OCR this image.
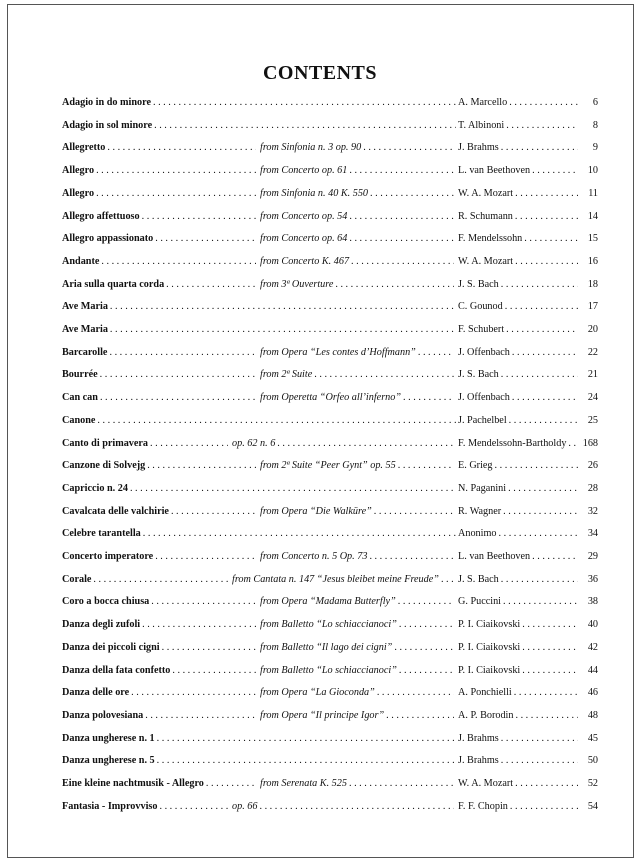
CONTENTS
Adagio in do minore . . .	A. Marcello . . .	6
Adagio in sol minore . . .	T. Albinoni . . .	8
Allegretto . . .	from Sinfonia n. 3 op. 90 . . .	J. Brahms . . .	9
Allegro . . .	from Concerto op. 61 . . .	L. van Beethoven . . .	10
Allegro . . .	from Sinfonia n. 40 K. 550 . . .	W. A. Mozart . . .	11
Allegro affettuoso . . .	from Concerto op. 54 . . .	R. Schumann . . .	14
Allegro appassionato . . .	from Concerto op. 64 . . .	F. Mendelssohn . . .	15
Andante . . .	from Concerto K. 467 . . .	W. A. Mozart . . .	16
Aria sulla quarta corda . . .	from 3ª Ouverture . . .	J. S. Bach . . .	18
Ave Maria . . .	C. Gounod . . .	17
Ave Maria . . .	F. Schubert . . .	20
Barcarolle . . .	from Opera “Les contes d’Hoffmann” . . .	J. Offenbach . . .	22
Bourrée . . .	from 2ª Suite . . .	J. S. Bach . . .	21
Can can . . .	from Operetta “Orfeo all’inferno” . . .	J. Offenbach . . .	24
Canone . . .	J. Pachelbel . . .	25
Canto di primavera . . .	op. 62 n. 6 . . .	F. Mendelssohn-Bartholdy . . . 168
Canzone di Solvejg . . .	from 2ª Suite “Peer Gynt” op. 55 . . .	E. Grieg . . .	26
Capriccio n. 24 . . .	N. Paganini . . .	28
Cavalcata delle valchirie . . .	from Opera “Die Walküre” . . .	R. Wagner . . .	32
Celebre tarantella . . .	Anonimo . . .	34
Concerto imperatore . . .	from Concerto n. 5 Op. 73 . . .	L. van Beethoven . . .	29
Corale . . .	from Cantata n. 147 “Jesus bleibet meine Freude” . . . J. S. Bach . . .	36
Coro a bocca chiusa . . .	from Opera “Madama Butterfly” . . .	G. Puccini . . .	38
Danza degli zufoli . . .	from Balletto “Lo schiaccianoci” . . .	P. I. Ciaikovski . . .	40
Danza dei piccoli cigni . . .	from Balletto “Il lago dei cigni” . . .	P. I. Ciaikovski . . .	42
Danza della fata confetto . . .	from Balletto “Lo schiaccianoci” . . .	P. I. Ciaikovski . . .	44
Danza delle ore . . .	from Opera “La Gioconda” . . .	A. Ponchielli . . .	46
Danza polovesiana . . .	from Opera “Il principe Igor” . . .	A. P. Borodin . . .	48
Danza ungherese n. 1 . . .	J. Brahms . . .	45
Danza ungherese n. 5 . . .	J. Brahms . . .	50
Eine kleine nachtmusik - Allegro . . .	from Serenata K. 525 . . .	W. A. Mozart . . .	52
Fantasia - Improvviso . . .	op. 66 . . .	F. F. Chopin . . .	54
